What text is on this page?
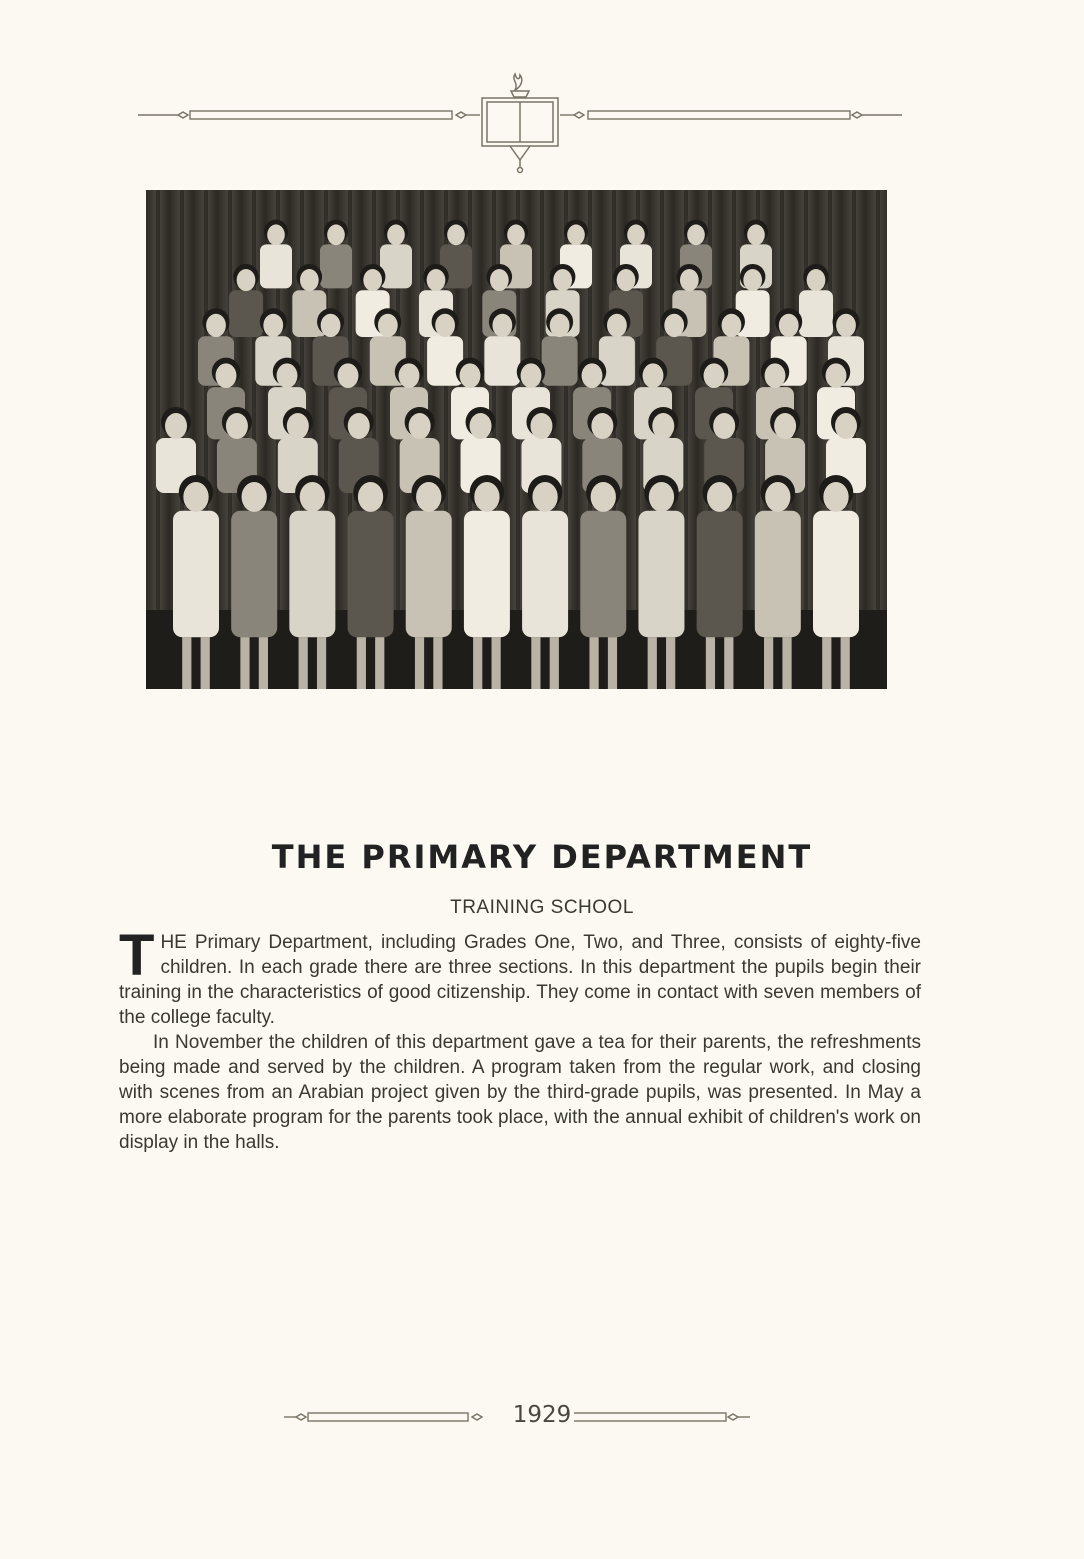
THE PRIMARY DEPARTMENT
TRAINING SCHOOL

THE Primary Department, including Grades One, Two, and Three, consists of eighty-five children. In each grade there are three sections. In this department the pupils begin their training in the characteristics of good citizenship. They come in contact with seven members of the college faculty.

In November the children of this department gave a tea for their parents, the refreshments being made and served by the children. A program taken from the regular work, and closing with scenes from an Arabian project given by the third-grade pupils, was presented. In May a more elaborate program for the parents took place, with the annual exhibit of children's work on display in the halls.

1929
